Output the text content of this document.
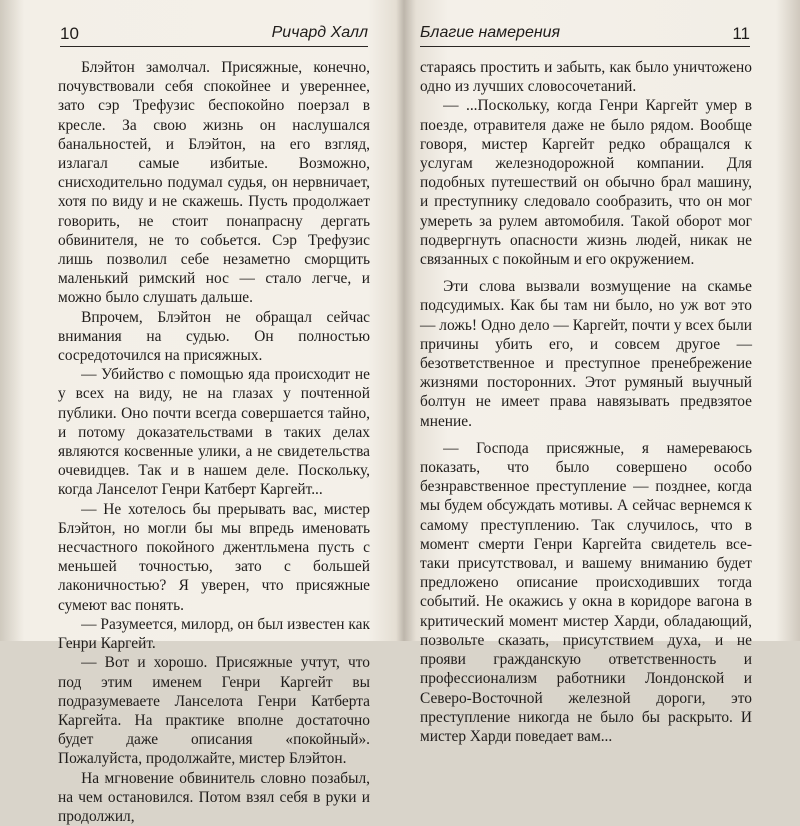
10	Ричард Халл

Блэйтон замолчал. Присяжные, конечно, почувствовали себя спокойнее и увереннее, зато сэр Трефузис беспокойно поерзал в кресле. За свою жизнь он наслушался банальностей, и Блэйтон, на его взгляд, излагал самые избитые. Возможно, снисходительно подумал судья, он нервничает, хотя по виду и не скажешь. Пусть продолжает говорить, не стоит понапрасну дергать обвинителя, не то собьется. Сэр Трефузис лишь позволил себе незаметно сморщить маленький римский нос — стало легче, и можно было слушать дальше.

Впрочем, Блэйтон не обращал сейчас внимания на судью. Он полностью сосредоточился на присяжных.

— Убийство с помощью яда происходит не у всех на виду, не на глазах у почтенной публики. Оно почти всегда совершается тайно, и потому доказательствами в таких делах являются косвенные улики, а не свидетельства очевидцев. Так и в нашем деле. Поскольку, когда Ланселот Генри Катберт Каргейт...

— Не хотелось бы прерывать вас, мистер Блэйтон, но могли бы мы впредь именовать несчастного покойного джентльмена пусть с меньшей точностью, зато с большей лаконичностью? Я уверен, что присяжные сумеют вас понять.

— Разумеется, милорд, он был известен как Генри Каргейт.

— Вот и хорошо. Присяжные учтут, что под этим именем Генри Каргейт вы подразумеваете Ланселота Генри Катберта Каргейта. На практике вполне достаточно будет даже описания «покойный». Пожалуйста, продолжайте, мистер Блэйтон.

На мгновение обвинитель словно позабыл, на чем остановился. Потом взял себя в руки и продолжил,

Благие намерения	11

стараясь простить и забыть, как было уничтожено одно из лучших словосочетаний.

— ...Поскольку, когда Генри Каргейт умер в поезде, отравителя даже не было рядом. Вообще говоря, мистер Каргейт редко обращался к услугам железнодорожной компании. Для подобных путешествий он обычно брал машину, и преступнику следовало сообразить, что он мог умереть за рулем автомобиля. Такой оборот мог подвергнуть опасности жизнь людей, никак не связанных с покойным и его окружением.

Эти слова вызвали возмущение на скамье подсудимых. Как бы там ни было, но уж вот это — ложь! Одно дело — Каргейт, почти у всех были причины убить его, и совсем другое — безответственное и преступное пренебрежение жизнями посторонних. Этот румяный выучный болтун не имеет права навязывать предвзятое мнение.

— Господа присяжные, я намереваюсь показать, что было совершено особо безнравственное преступление — позднее, когда мы будем обсуждать мотивы. А сейчас вернемся к самому преступлению. Так случилось, что в момент смерти Генри Каргейта свидетель все-таки присутствовал, и вашему вниманию будет предложено описание происходивших тогда событий. Не окажись у окна в коридоре вагона в критический момент мистер Харди, обладающий, позвольте сказать, присутствием духа, и не прояви гражданскую ответственность и профессионализм работники Лондонской и Северо-Восточной железной дороги, это преступление никогда не было бы раскрыто. И мистер Харди поведает вам...
